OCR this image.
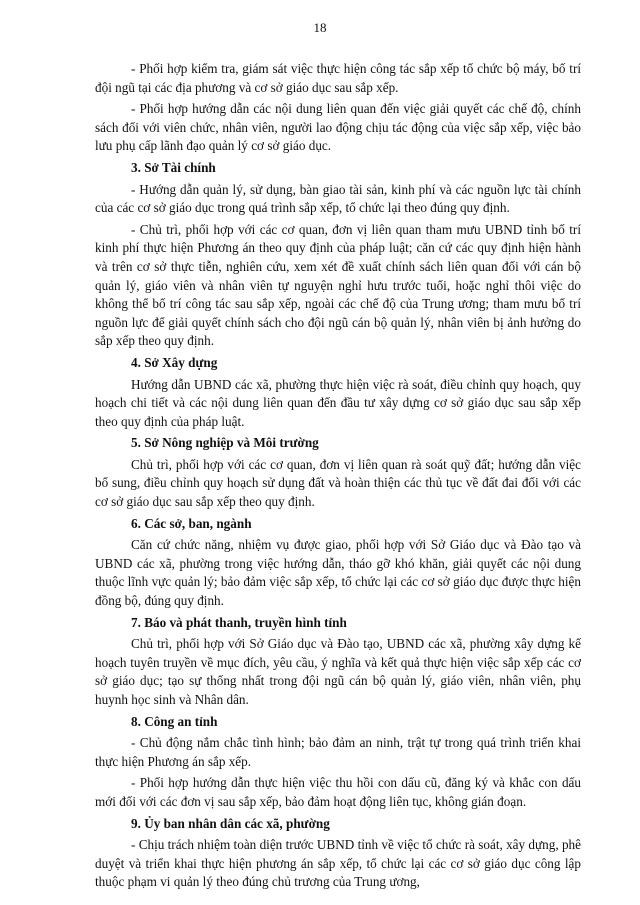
18

- Phối hợp kiểm tra, giám sát việc thực hiện công tác sắp xếp tổ chức bộ máy, bố trí đội ngũ tại các địa phương và cơ sở giáo dục sau sắp xếp.

- Phối hợp hướng dẫn các nội dung liên quan đến việc giải quyết các chế độ, chính sách đối với viên chức, nhân viên, người lao động chịu tác động của việc sắp xếp, việc bảo lưu phụ cấp lãnh đạo quản lý cơ sở giáo dục.

3. Sở Tài chính

- Hướng dẫn quản lý, sử dụng, bàn giao tài sản, kinh phí và các nguồn lực tài chính của các cơ sở giáo dục trong quá trình sắp xếp, tổ chức lại theo đúng quy định.

- Chủ trì, phối hợp với các cơ quan, đơn vị liên quan tham mưu UBND tỉnh bố trí kinh phí thực hiện Phương án theo quy định của pháp luật; căn cứ các quy định hiện hành và trên cơ sở thực tiễn, nghiên cứu, xem xét đề xuất chính sách liên quan đối với cán bộ quản lý, giáo viên và nhân viên tự nguyện nghỉ hưu trước tuổi, hoặc nghỉ thôi việc do không thể bố trí công tác sau sắp xếp, ngoài các chế độ của Trung ương; tham mưu bố trí nguồn lực để giải quyết chính sách cho đội ngũ cán bộ quản lý, nhân viên bị ảnh hưởng do sắp xếp theo quy định.

4. Sở Xây dựng

Hướng dẫn UBND các xã, phường thực hiện việc rà soát, điều chỉnh quy hoạch, quy hoạch chi tiết và các nội dung liên quan đến đầu tư xây dựng cơ sở giáo dục sau sắp xếp theo quy định của pháp luật.

5. Sở Nông nghiệp và Môi trường

Chủ trì, phối hợp với các cơ quan, đơn vị liên quan rà soát quỹ đất; hướng dẫn việc bổ sung, điều chỉnh quy hoạch sử dụng đất và hoàn thiện các thủ tục về đất đai đối với các cơ sở giáo dục sau sắp xếp theo quy định.

6. Các sở, ban, ngành

Căn cứ chức năng, nhiệm vụ được giao, phối hợp với Sở Giáo dục và Đào tạo và UBND các xã, phường trong việc hướng dẫn, tháo gỡ khó khăn, giải quyết các nội dung thuộc lĩnh vực quản lý; bảo đảm việc sắp xếp, tổ chức lại các cơ sở giáo dục được thực hiện đồng bộ, đúng quy định.

7. Báo và phát thanh, truyền hình tỉnh

Chủ trì, phối hợp với Sở Giáo dục và Đào tạo, UBND các xã, phường xây dựng kế hoạch tuyên truyền về mục đích, yêu cầu, ý nghĩa và kết quả thực hiện việc sắp xếp các cơ sở giáo dục; tạo sự thống nhất trong đội ngũ cán bộ quản lý, giáo viên, nhân viên, phụ huynh học sinh và Nhân dân.

8. Công an tỉnh

- Chủ động nắm chắc tình hình; bảo đảm an ninh, trật tự trong quá trình triển khai thực hiện Phương án sắp xếp.

- Phối hợp hướng dẫn thực hiện việc thu hồi con dấu cũ, đăng ký và khắc con dấu mới đối với các đơn vị sau sắp xếp, bảo đảm hoạt động liên tục, không gián đoạn.

9. Ủy ban nhân dân các xã, phường

- Chịu trách nhiệm toàn diện trước UBND tỉnh về việc tổ chức rà soát, xây dựng, phê duyệt và triển khai thực hiện phương án sắp xếp, tổ chức lại các cơ sở giáo dục công lập thuộc phạm vi quản lý theo đúng chủ trương của Trung ương,
